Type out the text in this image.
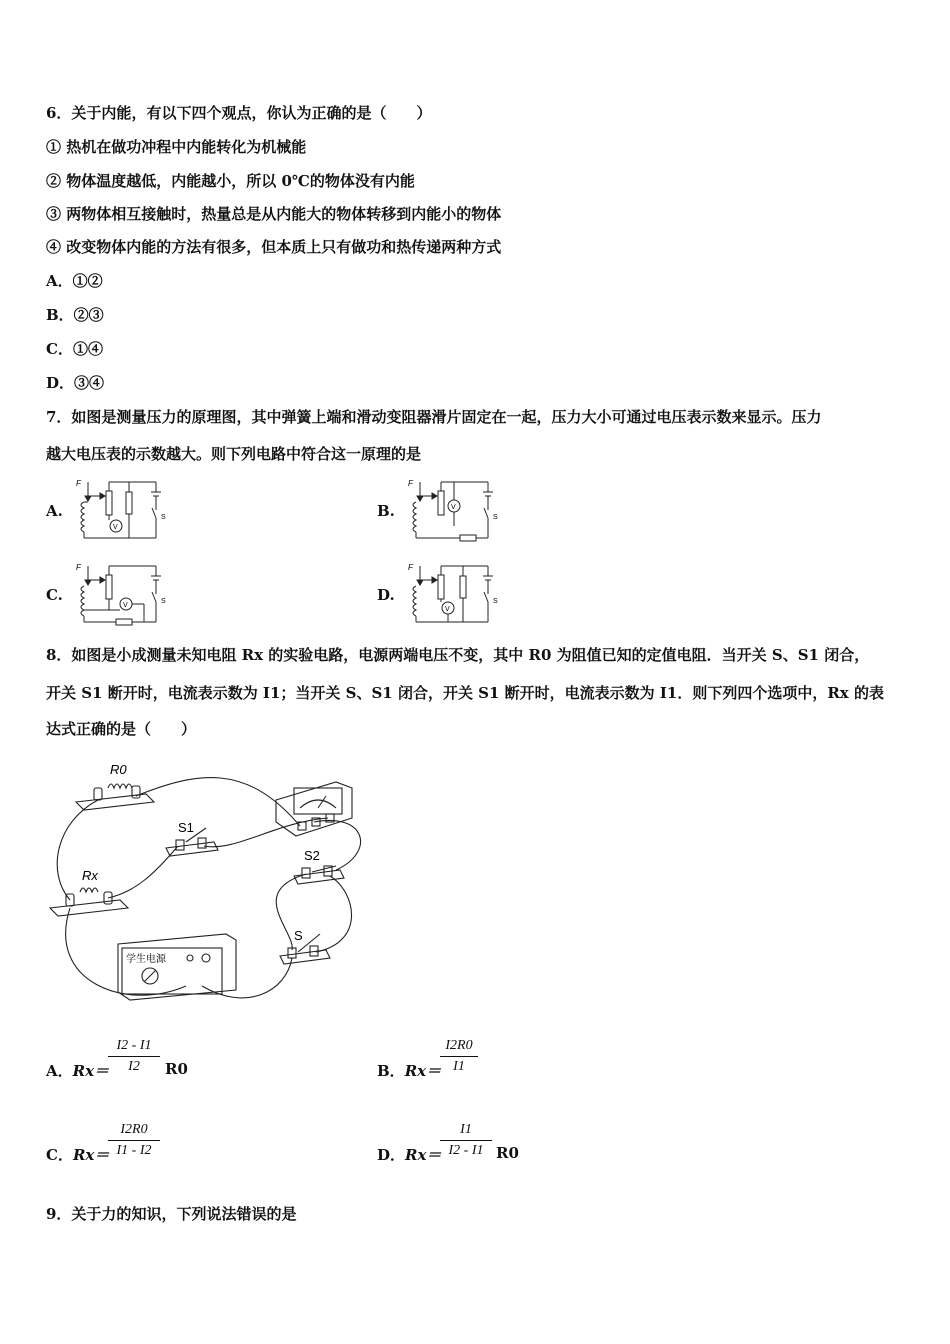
6．关于内能，有以下四个观点，你认为正确的是（　　）
① 热机在做功冲程中内能转化为机械能
② 物体温度越低，内能越小，所以 0℃的物体没有内能
③ 两物体相互接触时，热量总是从内能大的物体转移到内能小的物体
④ 改变物体内能的方法有很多，但本质上只有做功和热传递两种方式
A．①②
B．②③
C．①④
D．③④
7．如图是测量压力的原理图，其中弹簧上端和滑动变阻器滑片固定在一起，压力大小可通过电压表示数来显示。压力
越大电压表的示数越大。则下列电路中符合这一原理的是
A.	B.
C.	D.
F
V
S
F
V
S
F
V
S
F
V
S
8．如图是小成测量未知电阻 Rx 的实验电路，电源两端电压不变，其中 R0 为阻值已知的定值电阻．当开关 S、S1 闭合，
开关 S1 断开时，电流表示数为 I1；当开关 S、S1 闭合，开关 S1 断开时，电流表示数为 I1．则下列四个选项中，Rx 的表
达式正确的是（　　）
R0
Rx
S1
S2
S
学生电源
A．Rx＝
I2 - I1
I2	R0	B．Rx＝
I2R0
I1
C．Rx＝
I2R0
I1 - I2	D．Rx＝
I1
I2 - I1 R0
9．关于力的知识，下列说法错误的是
